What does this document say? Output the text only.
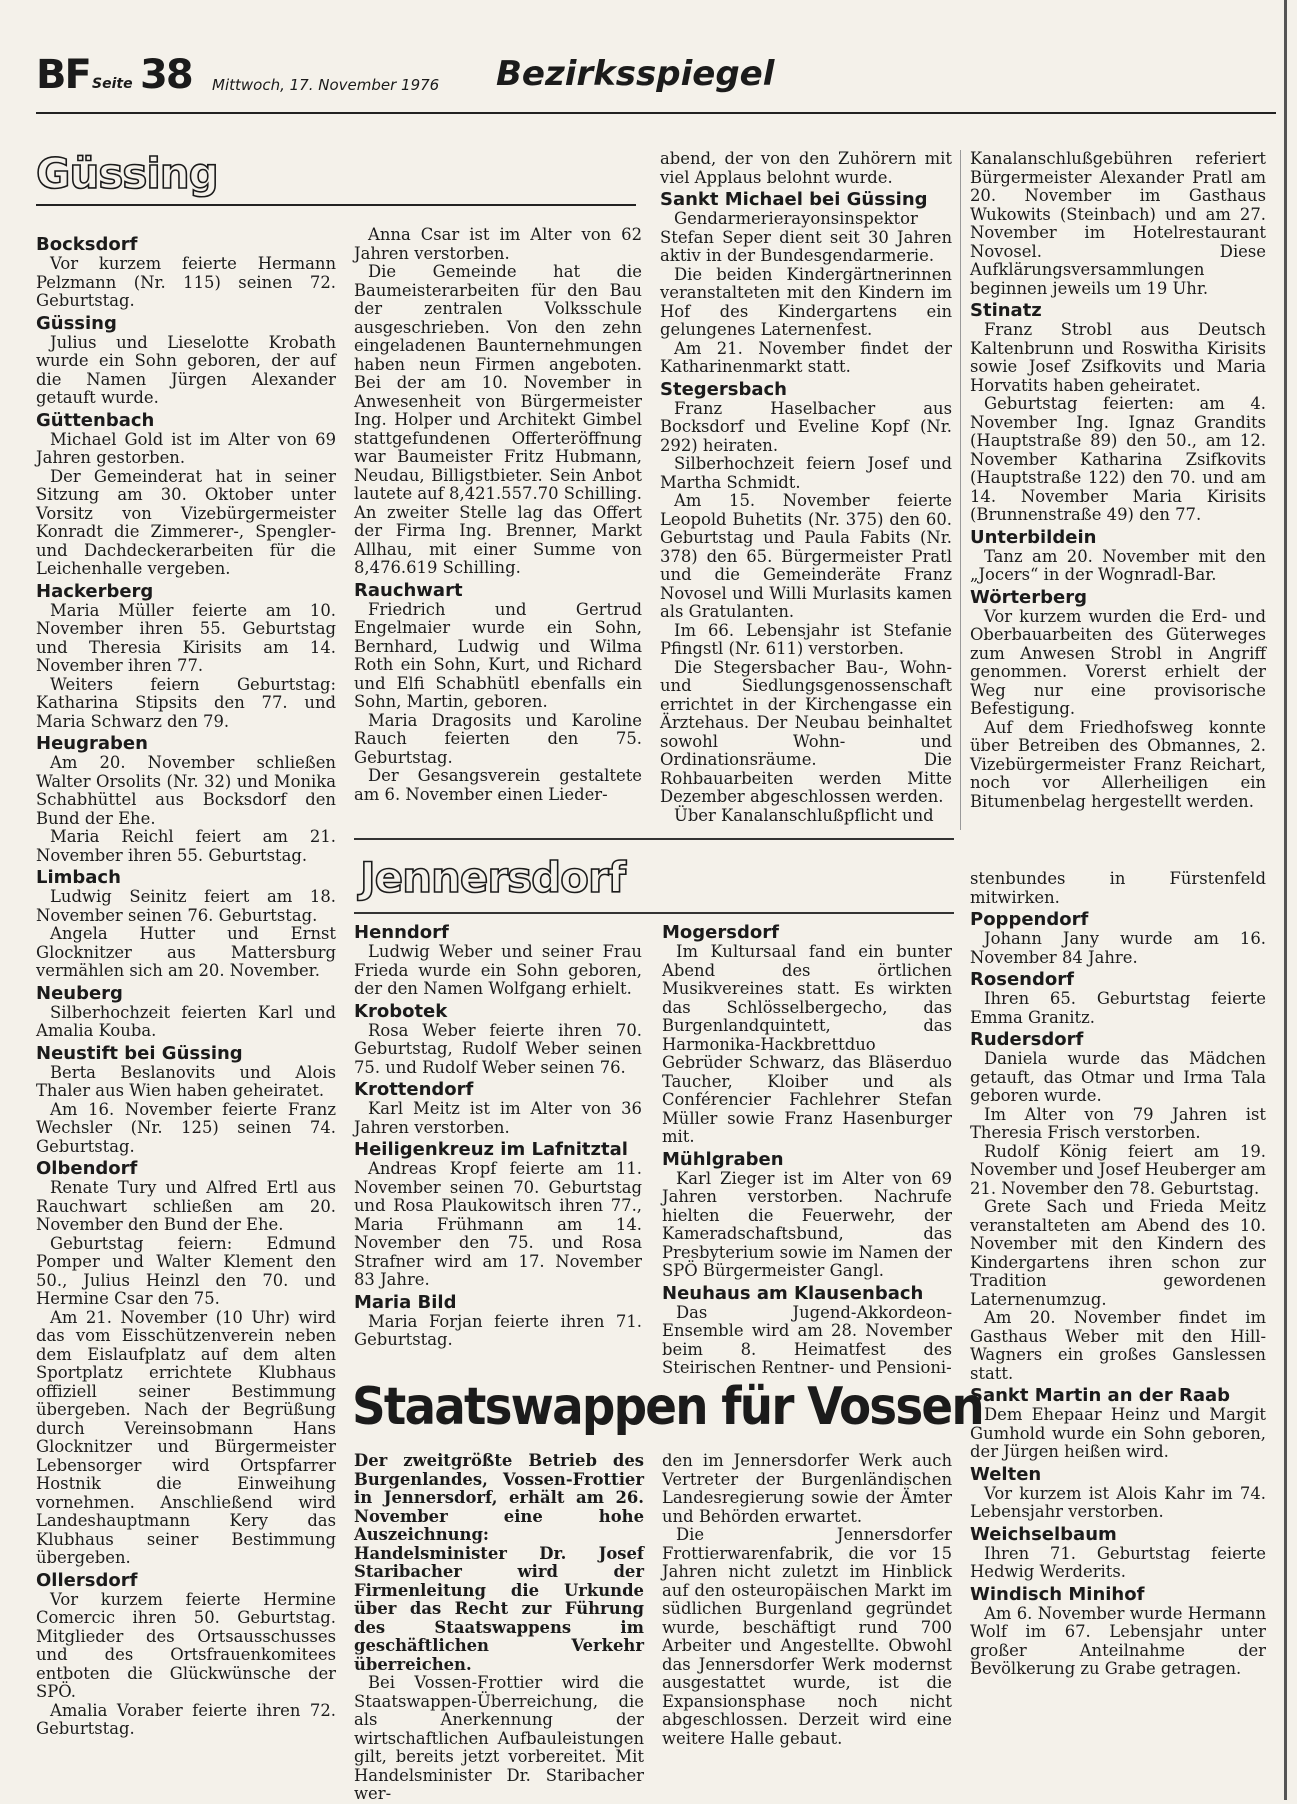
BF Seite 38 Mittwoch, 17. November 1976 Bezirksspiegel
Güssing
Bocksdorf

Vor kurzem feierte Hermann Pelzmann (Nr. 115) seinen 72. Geburtstag.

Güssing

Julius und Lieselotte Krobath wurde ein Sohn geboren, der auf die Namen Jürgen Alexander getauft wurde.

Güttenbach

Michael Gold ist im Alter von 69 Jahren gestorben.

Der Gemeinderat hat in seiner Sitzung am 30. Oktober unter Vorsitz von Vizebürgermeister Konradt die Zimmerer-, Spengler- und Dachdeckerarbeiten für die Leichenhalle vergeben.

Hackerberg

Maria Müller feierte am 10. November ihren 55. Geburtstag und Theresia Kirisits am 14. November ihren 77.

Weiters feiern Geburtstag: Katharina Stipsits den 77. und Maria Schwarz den 79.

Heugraben

Am 20. November schließen Walter Orsolits (Nr. 32) und Monika Schabhüttel aus Bocksdorf den Bund der Ehe.

Maria Reichl feiert am 21. November ihren 55. Geburtstag.

Limbach

Ludwig Seinitz feiert am 18. November seinen 76. Geburtstag.

Angela Hutter und Ernst Glocknitzer aus Mattersburg vermählen sich am 20. November.

Neuberg

Silberhochzeit feierten Karl und Amalia Kouba.

Neustift bei Güssing

Berta Beslanovits und Alois Thaler aus Wien haben geheiratet.

Am 16. November feierte Franz Wechsler (Nr. 125) seinen 74. Geburtstag.

Olbendorf

Renate Tury und Alfred Ertl aus Rauchwart schließen am 20. November den Bund der Ehe.

Geburtstag feiern: Edmund Pomper und Walter Klement den 50., Julius Heinzl den 70. und Hermine Csar den 75.

Am 21. November (10 Uhr) wird das vom Eisschützenverein neben dem Eislaufplatz auf dem alten Sportplatz errichtete Klubhaus offiziell seiner Bestimmung übergeben. Nach der Begrüßung durch Vereinsobmann Hans Glocknitzer und Bürgermeister Lebensorger wird Ortspfarrer Hostnik die Einweihung vornehmen. Anschließend wird Landeshauptmann Kery das Klubhaus seiner Bestimmung übergeben.

Ollersdorf

Vor kurzem feierte Hermine Comercic ihren 50. Geburtstag. Mitglieder des Ortsausschusses und des Ortsfrauenkomitees entboten die Glückwünsche der SPÖ.

Amalia Voraber feierte ihren 72. Geburtstag.

Anna Csar ist im Alter von 62 Jahren verstorben.

Die Gemeinde hat die Baumeisterarbeiten für den Bau der zentralen Volksschule ausgeschrieben. Von den zehn eingeladenen Baunternehmungen haben neun Firmen angeboten. Bei der am 10. November in Anwesenheit von Bürgermeister Ing. Holper und Architekt Gimbel stattgefundenen Offerteröffnung war Baumeister Fritz Hubmann, Neudau, Billigstbieter. Sein Anbot lautete auf 8,421.557.70 Schilling. An zweiter Stelle lag das Offert der Firma Ing. Brenner, Markt Allhau, mit einer Summe von 8,476.619 Schilling.

Rauchwart

Friedrich und Gertrud Engelmaier wurde ein Sohn, Bernhard, Ludwig und Wilma Roth ein Sohn, Kurt, und Richard und Elfi Schabhütl ebenfalls ein Sohn, Martin, geboren.

Maria Dragosits und Karoline Rauch feierten den 75. Geburtstag.

Der Gesangsverein gestaltete am 6. November einen Lieder-

abend, der von den Zuhörern mit viel Applaus belohnt wurde.

Sankt Michael bei Güssing

Gendarmerierayonsinspektor Stefan Seper dient seit 30 Jahren aktiv in der Bundesgendarmerie.

Die beiden Kindergärtnerinnen veranstalteten mit den Kindern im Hof des Kindergartens ein gelungenes Laternenfest.

Am 21. November findet der Katharinenmarkt statt.

Stegersbach

Franz Haselbacher aus Bocksdorf und Eveline Kopf (Nr. 292) heiraten.

Silberhochzeit feiern Josef und Martha Schmidt.

Am 15. November feierte Leopold Buhetits (Nr. 375) den 60. Geburtstag und Paula Fabits (Nr. 378) den 65. Bürgermeister Pratl und die Gemeinderäte Franz Novosel und Willi Murlasits kamen als Gratulanten.

Im 66. Lebensjahr ist Stefanie Pfingstl (Nr. 611) verstorben.

Die Stegersbacher Bau-, Wohn- und Siedlungsgenossenschaft errichtet in der Kirchengasse ein Ärztehaus. Der Neubau beinhaltet sowohl Wohn- und Ordinationsräume. Die Rohbauarbeiten werden Mitte Dezember abgeschlossen werden.

Über Kanalanschlußpflicht und

Kanalanschlußgebühren referiert Bürgermeister Alexander Pratl am 20. November im Gasthaus Wukowits (Steinbach) und am 27. November im Hotelrestaurant Novosel. Diese Aufklärungsversammlungen beginnen jeweils um 19 Uhr.

Stinatz

Franz Strobl aus Deutsch Kaltenbrunn und Roswitha Kirisits sowie Josef Zsifkovits und Maria Horvatits haben geheiratet.

Geburtstag feierten: am 4. November Ing. Ignaz Grandits (Hauptstraße 89) den 50., am 12. November Katharina Zsifkovits (Hauptstraße 122) den 70. und am 14. November Maria Kirisits (Brunnenstraße 49) den 77.

Unterbildein

Tanz am 20. November mit den „Jocers“ in der Wognradl-Bar.

Wörterberg

Vor kurzem wurden die Erd- und Oberbauarbeiten des Güterweges zum Anwesen Strobl in Angriff genommen. Vorerst erhielt der Weg nur eine provisorische Befestigung.

Auf dem Friedhofsweg konnte über Betreiben des Obmannes, 2. Vizebürgermeister Franz Reichart, noch vor Allerheiligen ein Bitumenbelag hergestellt werden.

Jennersdorf
Henndorf

Ludwig Weber und seiner Frau Frieda wurde ein Sohn geboren, der den Namen Wolfgang erhielt.

Krobotek

Rosa Weber feierte ihren 70. Geburtstag, Rudolf Weber seinen 75. und Rudolf Weber seinen 76.

Krottendorf

Karl Meitz ist im Alter von 36 Jahren verstorben.

Heiligenkreuz im Lafnitztal

Andreas Kropf feierte am 11. November seinen 70. Geburtstag und Rosa Plaukowitsch ihren 77., Maria Frühmann am 14. November den 75. und Rosa Strafner wird am 17. November 83 Jahre.

Maria Bild

Maria Forjan feierte ihren 71. Geburtstag.

Mogersdorf

Im Kultursaal fand ein bunter Abend des örtlichen Musikvereines statt. Es wirkten das Schlösselbergecho, das Burgenlandquintett, das Harmonika-Hackbrettduo Gebrüder Schwarz, das Bläserduo Taucher, Kloiber und als Conférencier Fachlehrer Stefan Müller sowie Franz Hasenburger mit.

Mühlgraben

Karl Zieger ist im Alter von 69 Jahren verstorben. Nachrufe hielten die Feuerwehr, der Kameradschaftsbund, das Presbyterium sowie im Namen der SPÖ Bürgermeister Gangl.

Neuhaus am Klausenbach

Das Jugend-Akkordeon-Ensemble wird am 28. November beim 8. Heimatfest des Steirischen Rentner- und Pensioni-

stenbundes in Fürstenfeld mitwirken.

Poppendorf

Johann Jany wurde am 16. November 84 Jahre.

Rosendorf

Ihren 65. Geburtstag feierte Emma Granitz.

Rudersdorf

Daniela wurde das Mädchen getauft, das Otmar und Irma Tala geboren wurde.

Im Alter von 79 Jahren ist Theresia Frisch verstorben.

Rudolf König feiert am 19. November und Josef Heuberger am 21. November den 78. Geburtstag.

Grete Sach und Frieda Meitz veranstalteten am Abend des 10. November mit den Kindern des Kindergartens ihren schon zur Tradition gewordenen Laternenumzug.

Am 20. November findet im Gasthaus Weber mit den Hill-Wagners ein großes Ganslessen statt.

Sankt Martin an der Raab

Dem Ehepaar Heinz und Margit Gumhold wurde ein Sohn geboren, der Jürgen heißen wird.

Welten

Vor kurzem ist Alois Kahr im 74. Lebensjahr verstorben.

Weichselbaum

Ihren 71. Geburtstag feierte Hedwig Werderits.

Windisch Minihof

Am 6. November wurde Hermann Wolf im 67. Lebensjahr unter großer Anteilnahme der Bevölkerung zu Grabe getragen.

Staatswappen für Vossen

Der zweitgrößte Betrieb des Burgenlandes, Vossen-Frottier in Jennersdorf, erhält am 26. November eine hohe Auszeichnung: Handelsminister Dr. Josef Staribacher wird der Firmenleitung die Urkunde über das Recht zur Führung des Staatswappens im geschäftlichen Verkehr überreichen.

Bei Vossen-Frottier wird die Staatswappen-Überreichung, die als Anerkennung der wirtschaftlichen Aufbauleistungen gilt, bereits jetzt vorbereitet. Mit Handelsminister Dr. Staribacher wer-

den im Jennersdorfer Werk auch Vertreter der Burgenländischen Landesregierung sowie der Ämter und Behörden erwartet.

Die Jennersdorfer Frottierwarenfabrik, die vor 15 Jahren nicht zuletzt im Hinblick auf den osteuropäischen Markt im südlichen Burgenland gegründet wurde, beschäftigt rund 700 Arbeiter und Angestellte. Obwohl das Jennersdorfer Werk modernst ausgestattet wurde, ist die Expansionsphase noch nicht abgeschlossen. Derzeit wird eine weitere Halle gebaut.
